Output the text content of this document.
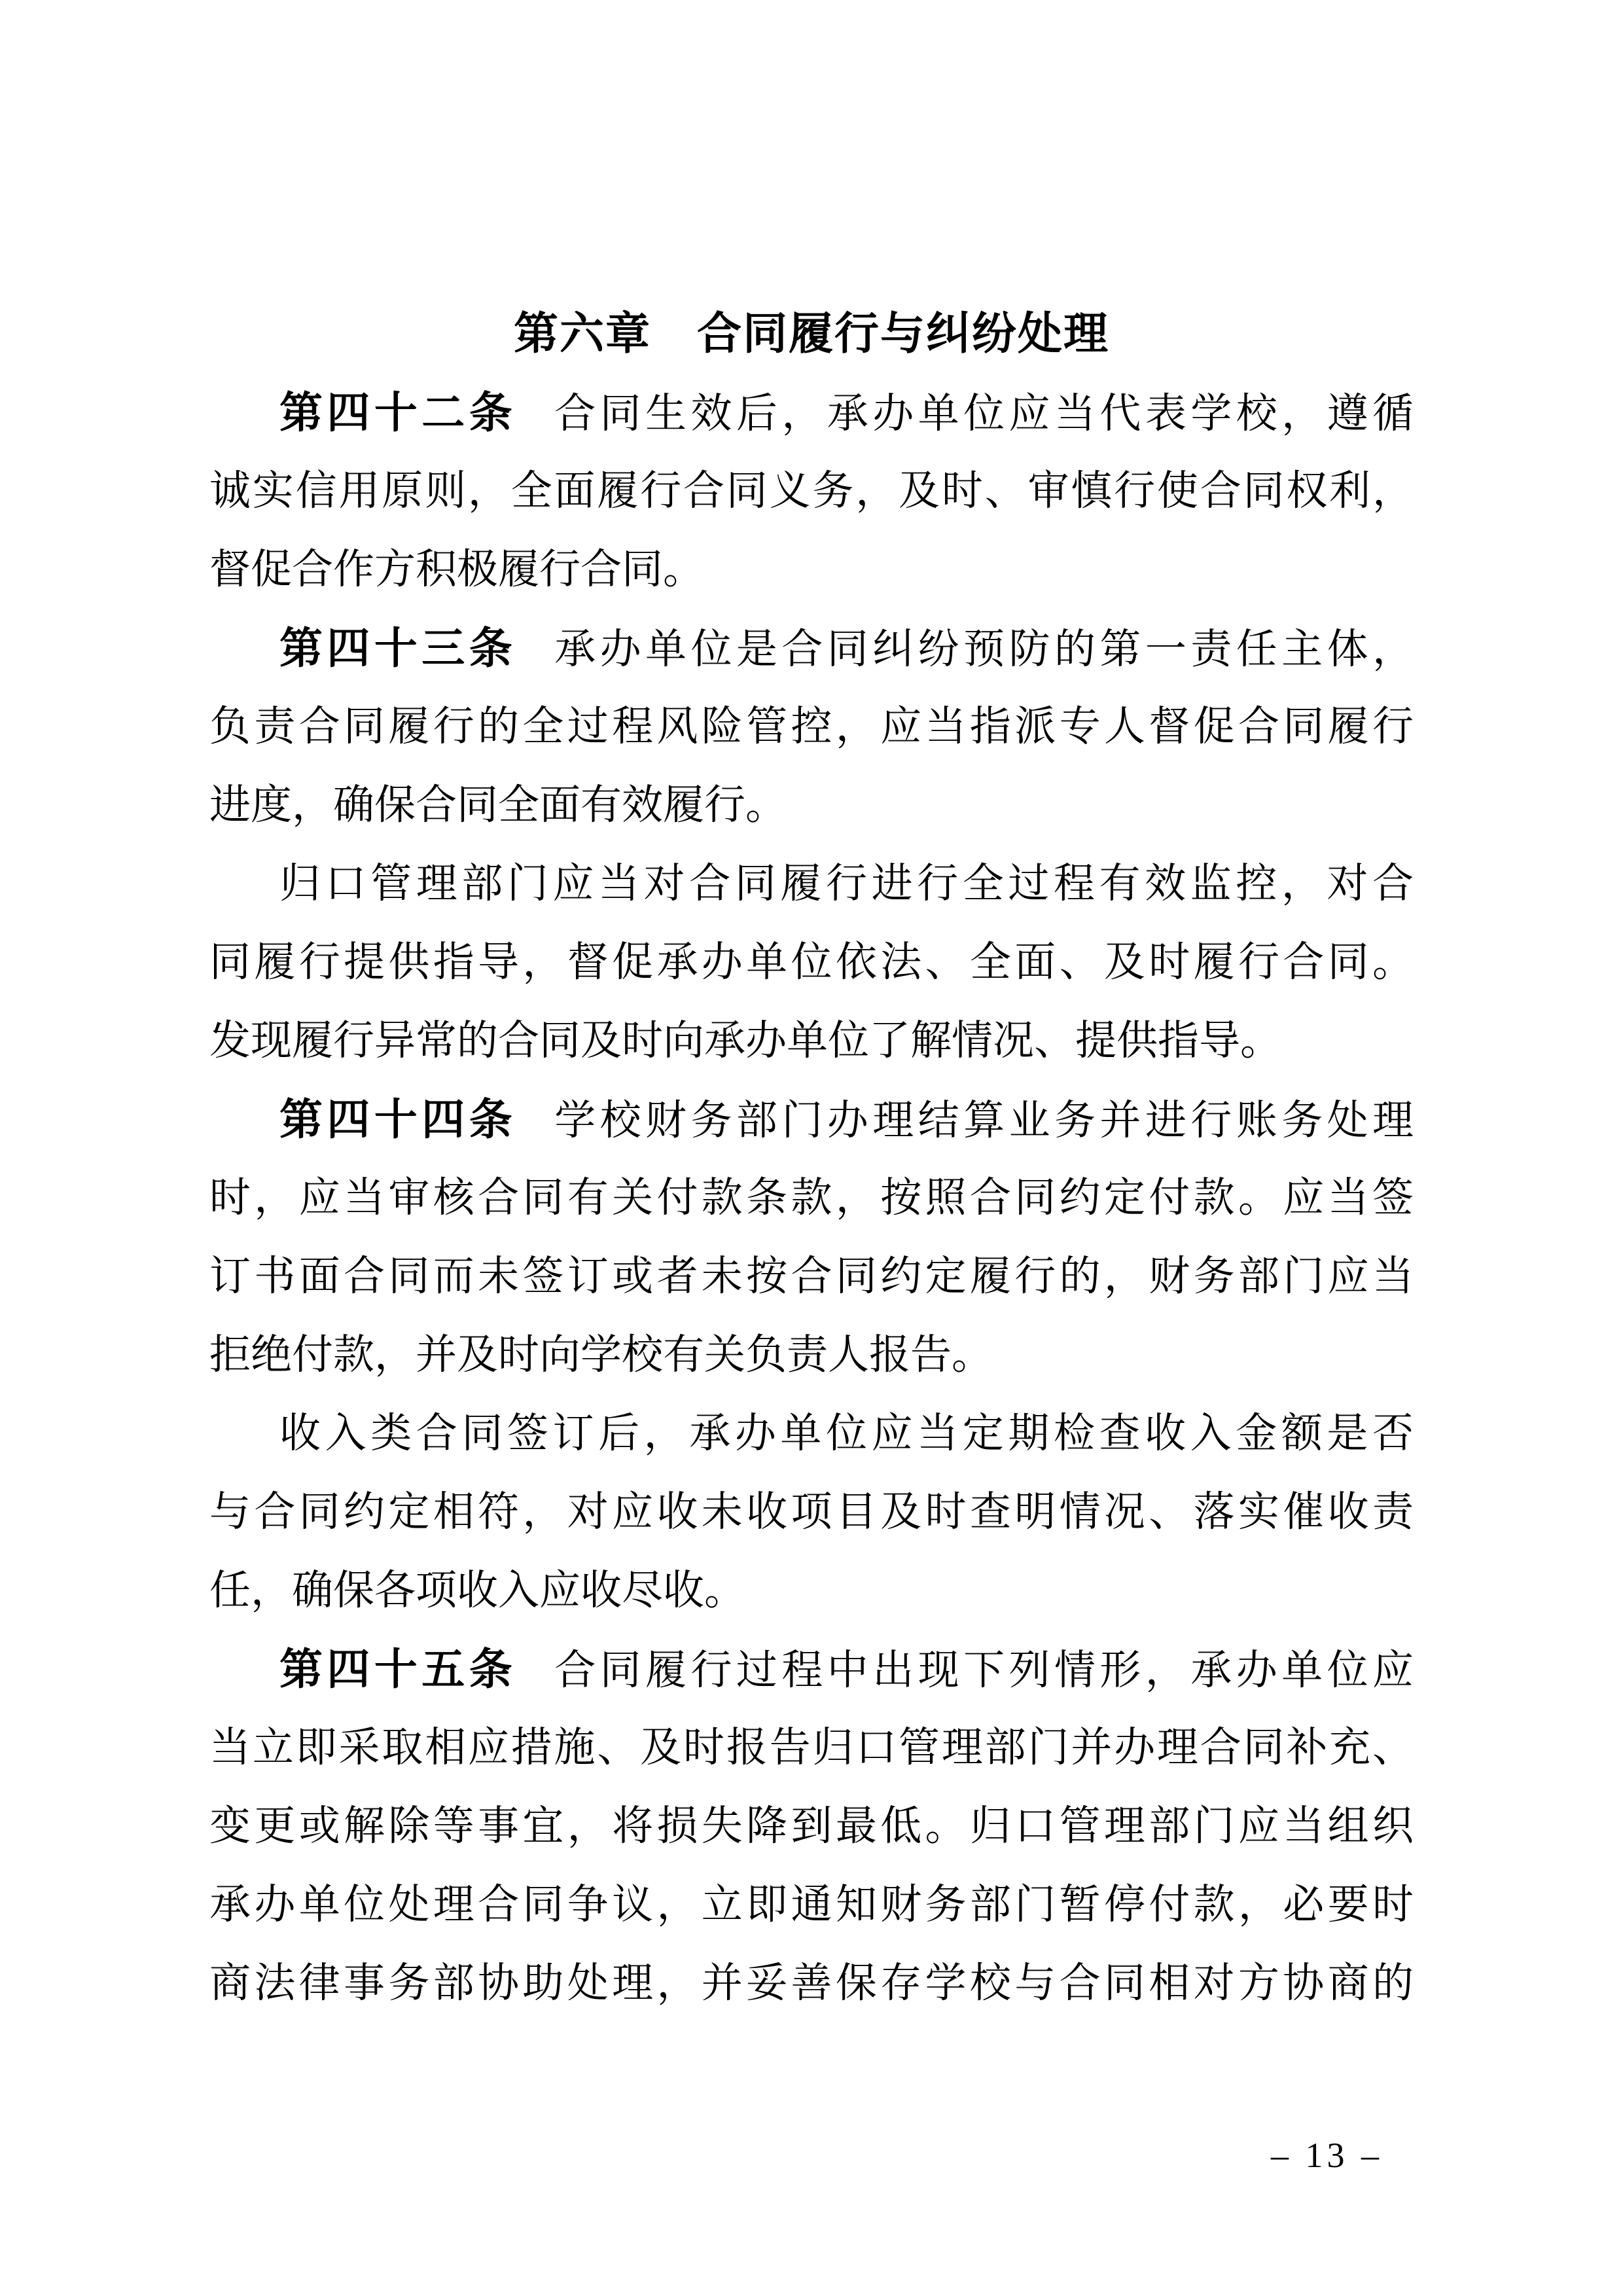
第六章　合同履行与纠纷处理
第四十二条 合同生效后，承办单位应当代表学校，遵循
诚实信用原则，全面履行合同义务，及时、审慎行使合同权利，
督促合作方积极履行合同。
第四十三条 承办单位是合同纠纷预防的第一责任主体，
负责合同履行的全过程风险管控，应当指派专人督促合同履行
进度，确保合同全面有效履行。
归口管理部门应当对合同履行进行全过程有效监控，对合
同履行提供指导，督促承办单位依法、全面、及时履行合同。
发现履行异常的合同及时向承办单位了解情况、提供指导。
第四十四条 学校财务部门办理结算业务并进行账务处理
时，应当审核合同有关付款条款，按照合同约定付款。应当签
订书面合同而未签订或者未按合同约定履行的，财务部门应当
拒绝付款，并及时向学校有关负责人报告。
收入类合同签订后，承办单位应当定期检查收入金额是否
与合同约定相符，对应收未收项目及时查明情况、落实催收责
任，确保各项收入应收尽收。
第四十五条 合同履行过程中出现下列情形，承办单位应
当立即采取相应措施、及时报告归口管理部门并办理合同补充、
变更或解除等事宜，将损失降到最低。归口管理部门应当组织
承办单位处理合同争议，立即通知财务部门暂停付款，必要时
商法律事务部协助处理，并妥善保存学校与合同相对方协商的
– 13 –
